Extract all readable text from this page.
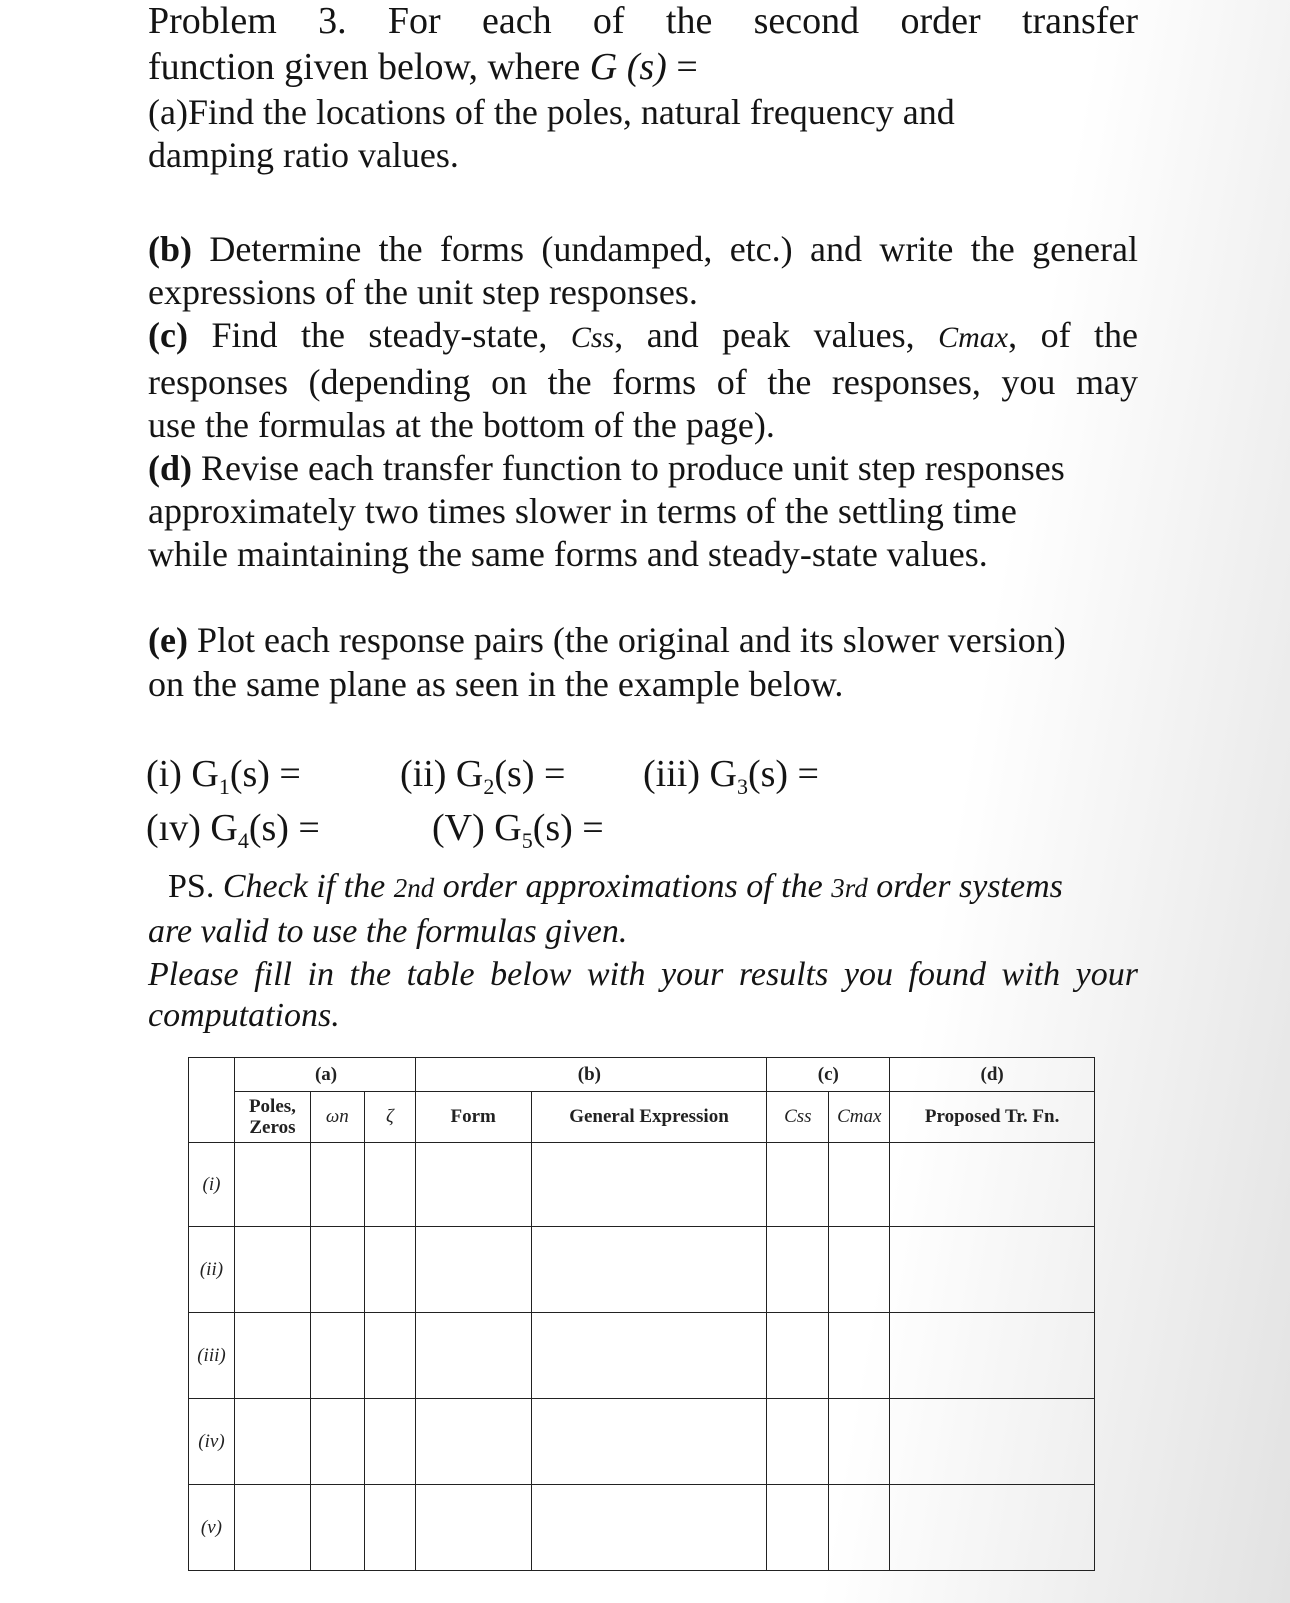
Problem 3. For each of the second order transfer

function given below, where G (s) =

(a)Find the locations of the poles, natural frequency and

damping ratio values.

(b) Determine the forms (undamped, etc.) and write the general

expressions of the unit step responses.

(c) Find the steady-state, Css, and peak values, Cmax, of the

responses (depending on the forms of the responses, you may

use the formulas at the bottom of the page).

(d) Revise each transfer function to produce unit step responses

approximately two times slower in terms of the settling time

while maintaining the same forms and steady-state values.

(e) Plot each response pairs (the original and its slower version)

on the same plane as seen in the example below.

(i) $G_1(s)$ =	(ii) $G_2(s) = (iii) G_3(s)$ =
(ıv) $G_4(s)$ =	(V) $G_5(s)$ =

PS. Check if the 2nd order approximations of the 3rd order systems

are valid to use the formulas given.

Please fill in the table below with your results you found with your

computations.

	(a)			(b)		(c)		(d)
	Poles,
Zeros	ωn	ζ	Form	General Expression	Css	Cmax	Proposed Tr. Fn.
(i)								
(ii)								
(iii)								
(iv)								
(v)								
